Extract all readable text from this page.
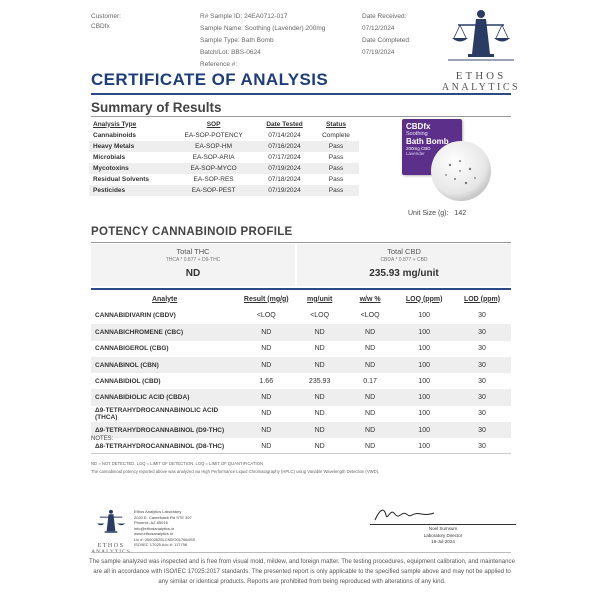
Customer:
CBDfx
R# Sample ID: 24EA0712-017
Sample Name: Soothing (Lavender) 200mg
Sample Type: Bath Bomb
Batch/Lot: BBS-0624
Reference #:
Date Received:
07/12/2024
Date Completed:
07/19/2024
ETHOS
ANALYTICS
CERTIFICATE OF ANALYSIS
Summary of Results
Analysis Type	SOP	Date Tested	Status
Cannabinoids	EA-SOP-POTENCY	07/14/2024	Complete
Heavy Metals	EA-SOP-HM	07/16/2024	Pass
Microbials	EA-SOP-ARIA	07/17/2024	Pass
Mycotoxins	EA-SOP-MYCO	07/19/2024	Pass
Residual Solvents	EA-SOP-RES	07/18/2024	Pass
Pesticides	EA-SOP-PEST	07/19/2024	Pass
CBDfx
Soothing
Bath Bomb
200mg CBD
Lavender
Unit Size (g): 142
POTENCY CANNABINOID PROFILE
Total THC
THCA * 0.877 + D9-THC
ND
Total CBD
CBDA * 0.877 + CBD
235.93 mg/unit
Analyte	Result (mg/g)	mg/unit	w/w %	LOQ (ppm)	LOD (ppm)
CANNABIDIVARIN (CBDV)	<LOQ	<LOQ	<LOQ	100	30
CANNABICHROMENE (CBC)	ND	ND	ND	100	30
CANNABIGEROL (CBG)	ND	ND	ND	100	30
CANNABINOL (CBN)	ND	ND	ND	100	30
CANNABIDIOL (CBD)	1.66	235.93	0.17	100	30
CANNABIDIOLIC ACID (CBDA)	ND	ND	ND	100	30
Δ9-TETRAHYDROCANNABINOLIC ACID (THCA)	ND	ND	ND	100	30
Δ9-TETRAHYDROCANNABINOL (D9-THC)	ND	ND	ND	100	30
Δ8-TETRAHYDROCANNABINOL (D8-THC)	ND	ND	ND	100	30
NOTES:
ND = NOT DETECTED, LOQ = LIMIT OF DETECTION, LOQ = LIMIT OF QUANTIFICATION
The cannabinoid potency reported above was analyzed via High Performance Liquid Chromatography (HPLC) using Variable Wavelength Detection (VWD).
ETHOS
Ethos Analytics Laboratory
2020 E. Camelback Rd STE 397
Phoenix, AZ 85016
info@ethosanalytics.io
www.ethosanalytics.io
Lic #: 00002625LCNDO017664SS
ISO/IEC 17025 Acc #: 117796
Noel Sumsum
Laboratory Director
19-Jul-2024
The sample analyzed was inspected and is free from visual mold, mildew, and foreign matter. The testing procedures, equipment calibration, and maintenance are all in accordance with ISO/IEC 17025:2017 standards. The presented report is only applicable to the specified sample above and may not be applied to any similar or identical products. Reports are prohibited from being reproduced with alterations of any kind.
